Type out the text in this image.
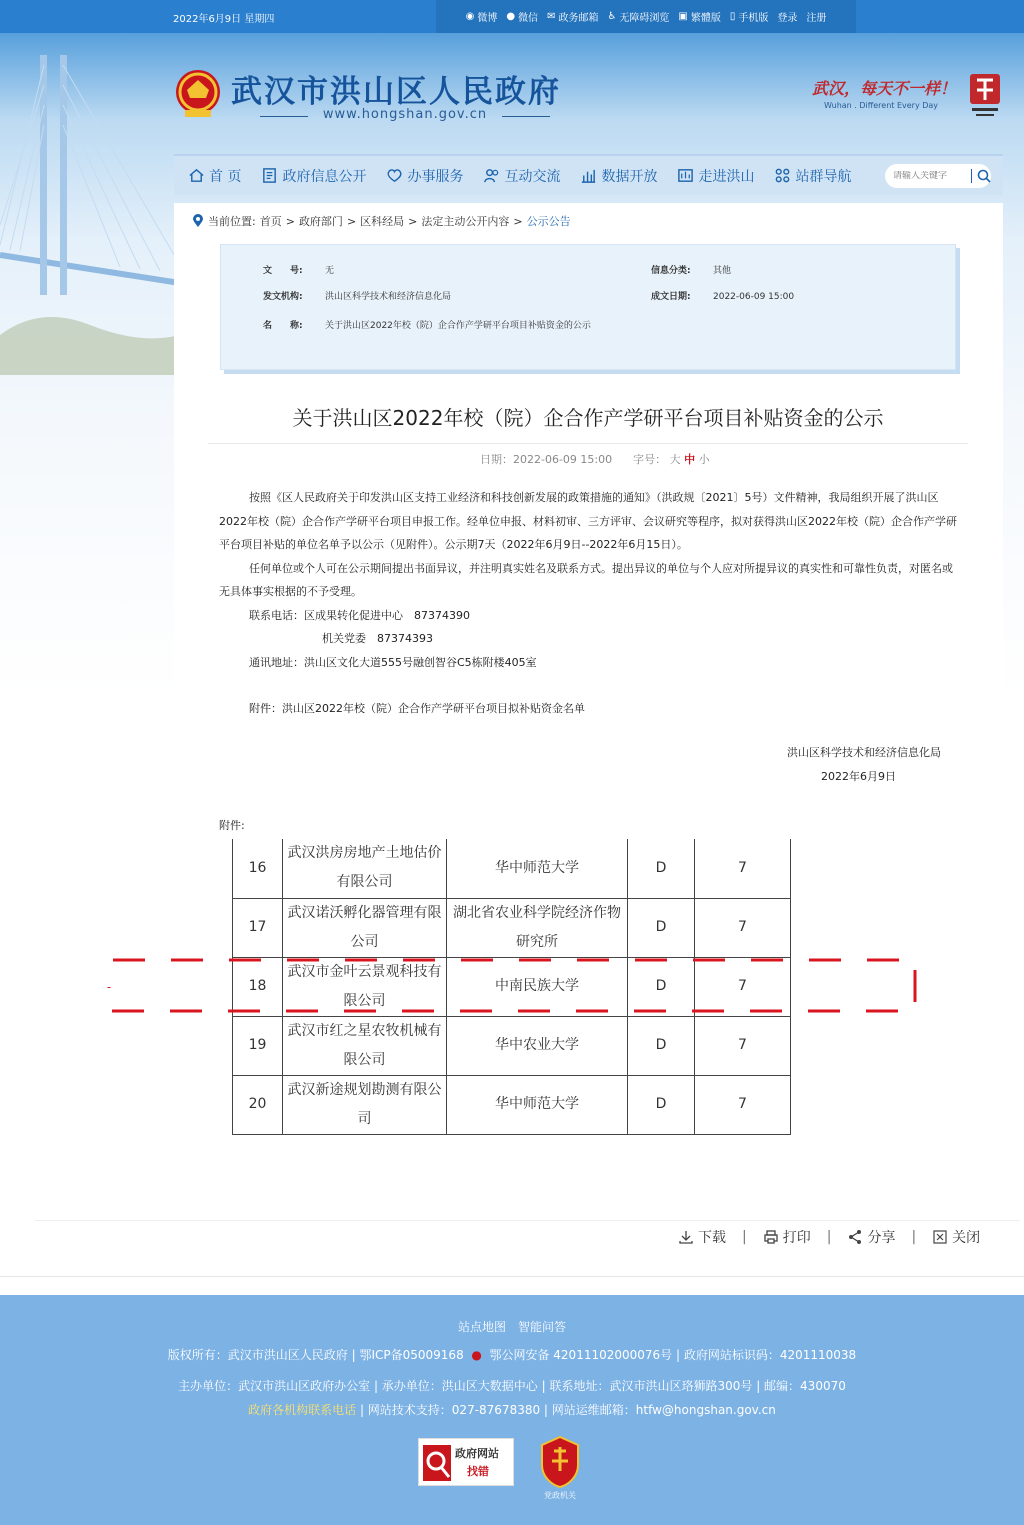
2022年6月9日 星期四	◉ 微博 ● 微信 ✉ 政务邮箱 ♿ 无障碍浏览 ▣ 繁體版 ▯ 手机版 登录 注册
武汉市洪山区人民政府
www.hongshan.gov.cn
武汉，每天不一样！
Wuhan . Different Every Day
首 页	政府信息公开	办事服务	互动交流	数据开放	走进洪山	站群导航
请输入关键字
当前位置: 首页 > 政府部门 > 区科经局 > 法定主动公开内容 > 公示公告
文　　号: 无	信息分类: 其他
发文机构: 洪山区科学技术和经济信息化局	成文日期: 2022-06-09 15:00
名　　称: 关于洪山区2022年校（院）企合作产学研平台项目补贴资金的公示
关于洪山区2022年校（院）企合作产学研平台项目补贴资金的公示
日期：2022-06-09 15:00 字号： 大 中 小

按照《区人民政府关于印发洪山区支持工业经济和科技创新发展的政策措施的通知》（洪政规〔2021〕5号）文件精神，我局组织开展了洪山区2022年校（院）企合作产学研平台项目申报工作。经单位申报、材料初审、三方评审、会议研究等程序，拟对获得洪山区2022年校（院）企合作产学研平台项目补贴的单位名单予以公示（见附件）。公示期7天（2022年6月9日--2022年6月15日）。

任何单位或个人可在公示期间提出书面异议，并注明真实姓名及联系方式。提出异议的单位与个人应对所提异议的真实性和可靠性负责，对匿名或无具体事实根据的不予受理。

联系电话：区成果转化促进中心　87374390

机关党委　87374393

通讯地址：洪山区文化大道555号融创智谷C5栋附楼405室

附件：洪山区2022年校（院）企合作产学研平台项目拟补贴资金名单

洪山区科学技术和经济信息化局
2022年6月9日
附件:
16	武汉洪房房地产土地估价有限公司	华中师范大学	D	7
17	武汉诺沃孵化器管理有限公司	湖北省农业科学院经济作物研究所	D	7
18	武汉市金叶云景观科技有限公司	中南民族大学	D	7
19	武汉市红之星农牧机械有限公司	华中农业大学	D	7
20	武汉新途规划勘测有限公司	华中师范大学	D	7
下载 |	打印 |	分享 |	关闭
站点地图　智能问答
版权所有：武汉市洪山区人民政府 | 鄂ICP备05009168  ●  鄂公网安备 42011102000076号 | 政府网站标识码：4201110038
主办单位：武汉市洪山区政府办公室 | 承办单位：洪山区大数据中心 | 联系地址：武汉市洪山区珞狮路300号 | 邮编：430070
政府各机构联系电话 | 网站技术支持：027-87678380 | 网站运维邮箱：htfw@hongshan.gov.cn
政府网站
找错
党政机关
